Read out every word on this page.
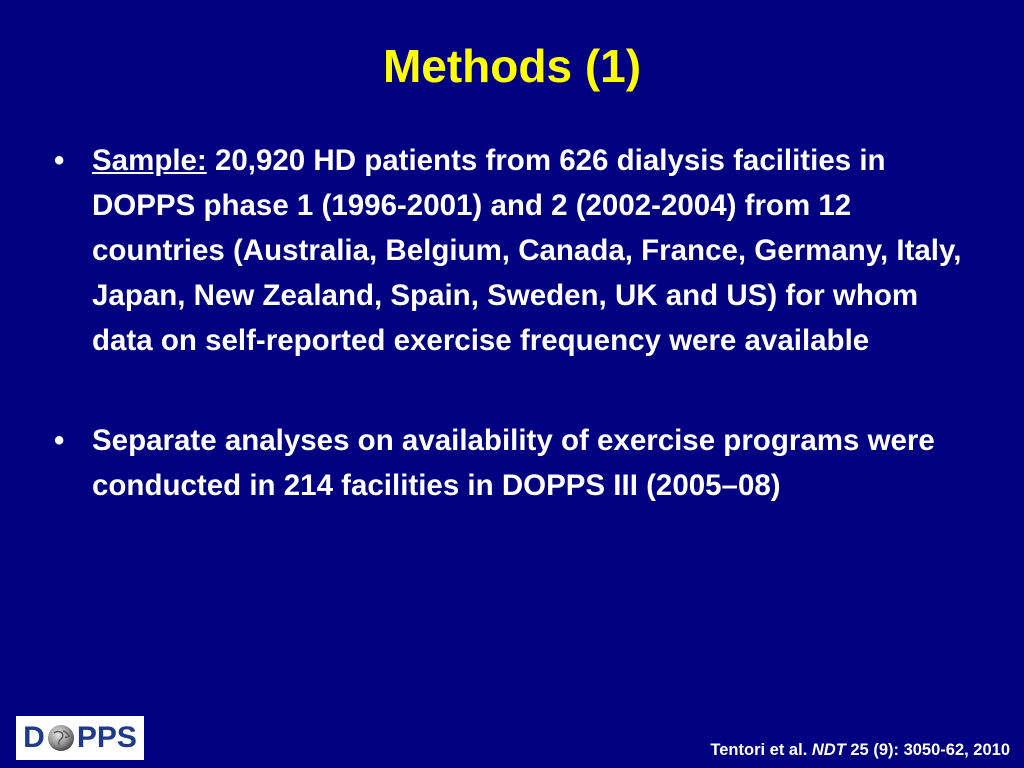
Methods (1)
• Sample: 20,920 HD patients from 626 dialysis facilities in DOPPS phase 1 (1996-2001) and 2 (2002-2004) from 12 countries (Australia, Belgium, Canada, France, Germany, Italy, Japan, New Zealand, Spain, Sweden, UK and US) for whom data on self-reported exercise frequency were available
• Separate analyses on availability of exercise programs were conducted in 214 facilities in DOPPS III (2005–08)
D PPS	Tentori et al. NDT 25 (9): 3050-62, 2010
